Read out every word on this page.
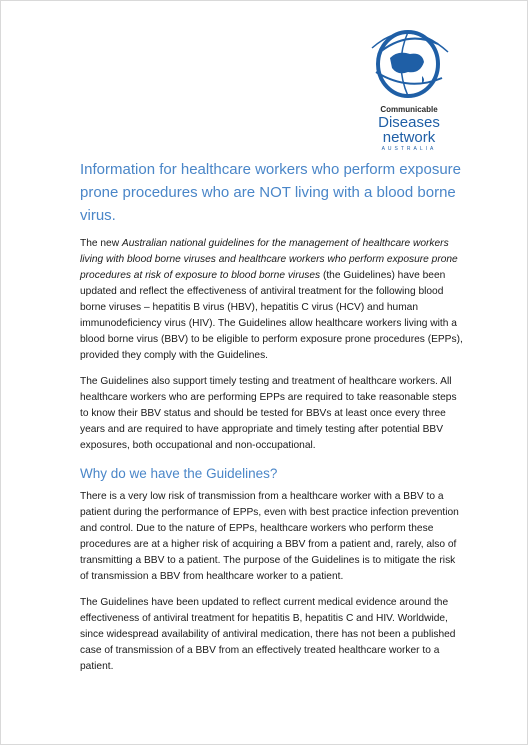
Communicable
Diseases
network
AUSTRALIA
Information for healthcare workers who perform exposure prone procedures who are NOT living with a blood borne virus.

The new Australian national guidelines for the management of healthcare workers living with blood borne viruses and healthcare workers who perform exposure prone procedures at risk of exposure to blood borne viruses (the Guidelines) have been updated and reflect the effectiveness of antiviral treatment for the following blood borne viruses – hepatitis B virus (HBV), hepatitis C virus (HCV) and human immunodeficiency virus (HIV). The Guidelines allow healthcare workers living with a blood borne virus (BBV) to be eligible to perform exposure prone procedures (EPPs), provided they comply with the Guidelines.

The Guidelines also support timely testing and treatment of healthcare workers. All healthcare workers who are performing EPPs are required to take reasonable steps to know their BBV status and should be tested for BBVs at least once every three years and are required to have appropriate and timely testing after potential BBV exposures, both occupational and non-occupational.

Why do we have the Guidelines?

There is a very low risk of transmission from a healthcare worker with a BBV to a patient during the performance of EPPs, even with best practice infection prevention and control. Due to the nature of EPPs, healthcare workers who perform these procedures are at a higher risk of acquiring a BBV from a patient and, rarely, also of transmitting a BBV to a patient. The purpose of the Guidelines is to mitigate the risk of transmission a BBV from healthcare worker to a patient.

The Guidelines have been updated to reflect current medical evidence around the effectiveness of antiviral treatment for hepatitis B, hepatitis C and HIV. Worldwide, since widespread availability of antiviral medication, there has not been a published case of transmission of a BBV from an effectively treated healthcare worker to a patient.
